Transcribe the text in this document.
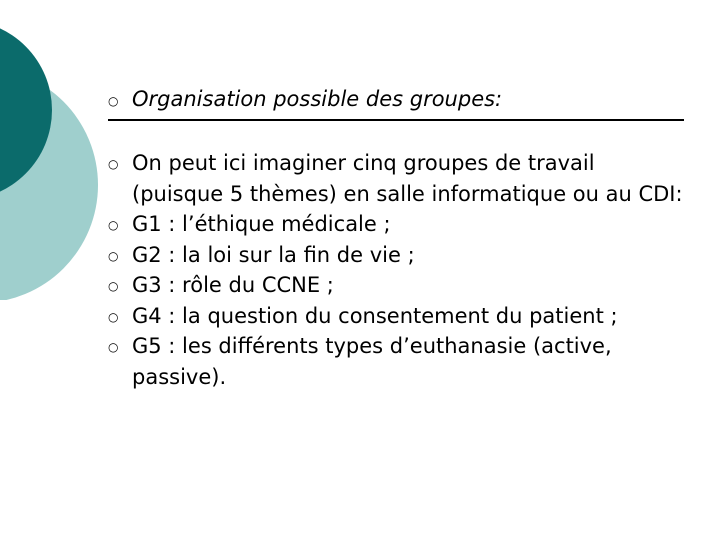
○ Organisation possible des groupes:
○ On peut ici imaginer cinq groupes de travail (puisque 5 thèmes) en salle informatique ou au CDI:
○ G1 : l’éthique médicale ;
○ G2 : la loi sur la fin de vie ;
○ G3 : rôle du CCNE ;
○ G4 : la question du consentement du patient ;
○ G5 : les différents types d’euthanasie (active, passive).
